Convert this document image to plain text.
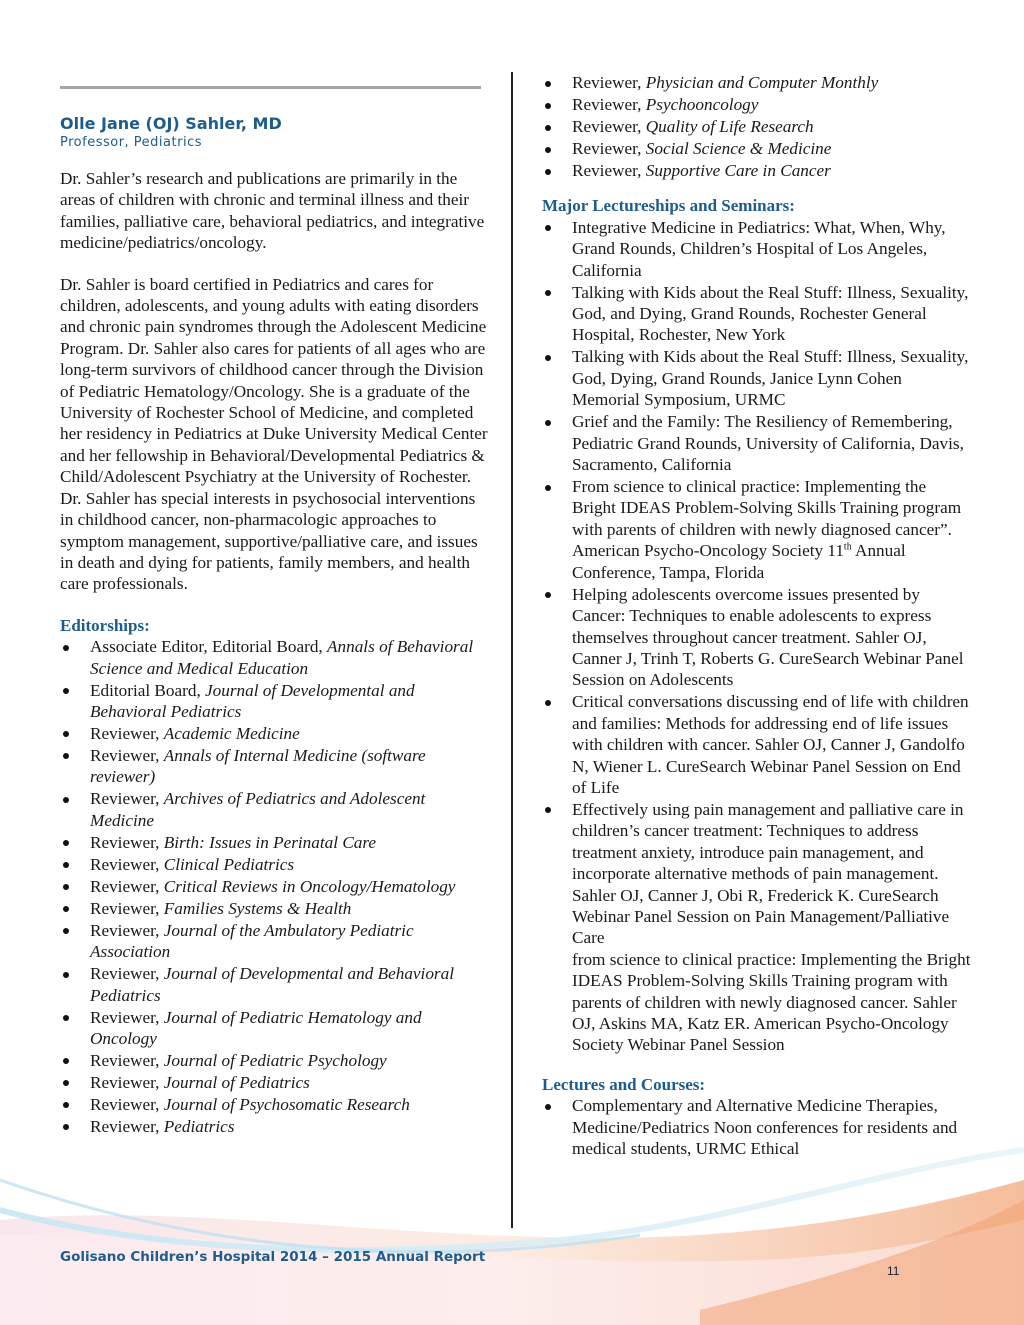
Olle Jane (OJ) Sahler, MD
Professor, Pediatrics

Dr. Sahler’s research and publications are primarily in the areas of children with chronic and terminal illness and their families, palliative care, behavioral pediatrics, and integrative medicine/pediatrics/oncology.

Dr. Sahler is board certified in Pediatrics and cares for children, adolescents, and young adults with eating disorders and chronic pain syndromes through the Adolescent Medicine Program. Dr. Sahler also cares for patients of all ages who are long-term survivors of childhood cancer through the Division of Pediatric Hematology/Oncology. She is a graduate of the University of Rochester School of Medicine, and completed her residency in Pediatrics at Duke University Medical Center and her fellowship in Behavioral/Developmental Pediatrics & Child/Adolescent Psychiatry at the University of Rochester. Dr. Sahler has special interests in psychosocial interventions in childhood cancer, non-pharmacologic approaches to symptom management, supportive/palliative care, and issues in death and dying for patients, family members, and health care professionals.

Editorships:
Associate Editor, Editorial Board, Annals of Behavioral Science and Medical Education
Editorial Board, Journal of Developmental and Behavioral Pediatrics
Reviewer, Academic Medicine
Reviewer, Annals of Internal Medicine (software reviewer)
Reviewer, Archives of Pediatrics and Adolescent Medicine
Reviewer, Birth: Issues in Perinatal Care
Reviewer, Clinical Pediatrics
Reviewer, Critical Reviews in Oncology/Hematology
Reviewer, Families Systems & Health
Reviewer, Journal of the Ambulatory Pediatric Association
Reviewer, Journal of Developmental and Behavioral Pediatrics
Reviewer, Journal of Pediatric Hematology and Oncology
Reviewer, Journal of Pediatric Psychology
Reviewer, Journal of Pediatrics
Reviewer, Journal of Psychosomatic Research
Reviewer, Pediatrics
Reviewer, Physician and Computer Monthly
Reviewer, Psychooncology
Reviewer, Quality of Life Research
Reviewer, Social Science & Medicine
Reviewer, Supportive Care in Cancer
Major Lectureships and Seminars:
Integrative Medicine in Pediatrics: What, When, Why, Grand Rounds, Children’s Hospital of Los Angeles, California
Talking with Kids about the Real Stuff: Illness, Sexuality, God, and Dying, Grand Rounds, Rochester General Hospital, Rochester, New York
Talking with Kids about the Real Stuff: Illness, Sexuality, God, Dying, Grand Rounds, Janice Lynn Cohen Memorial Symposium, URMC
Grief and the Family: The Resiliency of Remembering, Pediatric Grand Rounds, University of California, Davis, Sacramento, California
From science to clinical practice: Implementing the Bright IDEAS Problem-Solving Skills Training program with parents of children with newly diagnosed cancer”. American Psycho-Oncology Society 11th Annual Conference, Tampa, Florida
Helping adolescents overcome issues presented by Cancer: Techniques to enable adolescents to express themselves throughout cancer treatment. Sahler OJ, Canner J, Trinh T, Roberts G. CureSearch Webinar Panel Session on Adolescents
Critical conversations discussing end of life with children and families: Methods for addressing end of life issues with children with cancer. Sahler OJ, Canner J, Gandolfo N, Wiener L. CureSearch Webinar Panel Session on End of Life
Effectively using pain management and palliative care in children’s cancer treatment: Techniques to address treatment anxiety, introduce pain management, and incorporate alternative methods of pain management. Sahler OJ, Canner J, Obi R, Frederick K. CureSearch Webinar Panel Session on Pain Management/Palliative Care
from science to clinical practice: Implementing the Bright IDEAS Problem-Solving Skills Training program with parents of children with newly diagnosed cancer. Sahler OJ, Askins MA, Katz ER. American Psycho-Oncology Society Webinar Panel Session
Lectures and Courses:
Complementary and Alternative Medicine Therapies, Medicine/Pediatrics Noon conferences for residents and medical students, URMC Ethical
Golisano Children’s Hospital 2014 – 2015 Annual Report
11
